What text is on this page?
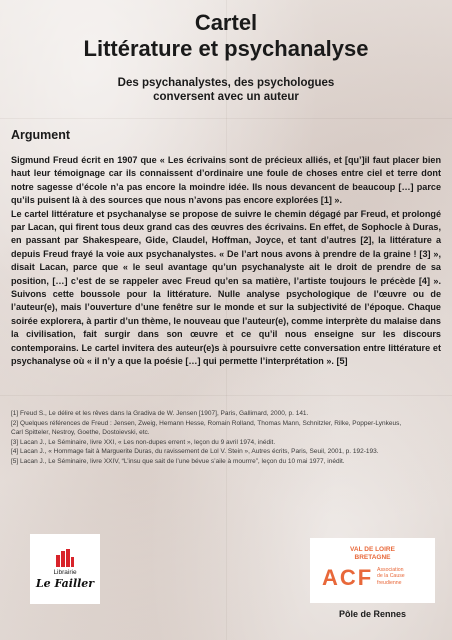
Cartel
Littérature et psychanalyse
Des psychanalystes, des psychologues
conversent avec un auteur
Argument

Sigmund Freud écrit en 1907 que « Les écrivains sont de précieux alliés, et [qu’]il faut placer bien haut leur témoignage car ils connaissent d’ordinaire une foule de choses entre ciel et terre dont notre sagesse d’école n’a pas encore la moindre idée. Ils nous devancent de beaucoup […] parce qu’ils puisent là à des sources que nous n’avons pas encore explorées [1] ».

Le cartel littérature et psychanalyse se propose de suivre le chemin dégagé par Freud, et prolongé par Lacan, qui firent tous deux grand cas des œuvres des écrivains. En effet, de Sophocle à Duras, en passant par Shakespeare, Gide, Claudel, Hoffman, Joyce, et tant d’autres [2], la littérature a depuis Freud frayé la voie aux psychanalystes. « De l’art nous avons à prendre de la graine ! [3] », disait Lacan, parce que « le seul avantage qu’un psychanalyste ait le droit de prendre de sa position, […] c’est de se rappeler avec Freud qu’en sa matière, l’artiste toujours le précède [4] ». Suivons cette boussole pour la littérature. Nulle analyse psychologique de l’œuvre ou de l’auteur(e), mais l’ouverture d’une fenêtre sur le monde et sur la subjectivité de l’époque. Chaque soirée explorera, à partir d’un thème, le nouveau que l’auteur(e), comme interprète du malaise dans la civilisation, fait surgir dans son œuvre et ce qu’il nous enseigne sur les discours contemporains. Le cartel invitera des auteur(e)s à poursuivre cette conversation entre littérature et psychanalyse où « il n’y a que la poésie […] qui permette l’interprétation ». [5]

[1] Freud S., Le délire et les rêves dans la Gradiva de W. Jensen [1907], Paris, Gallimard, 2000, p. 141.
[2] Quelques références de Freud : Jensen, Zweig, Hemann Hesse, Romain Rolland, Thomas Mann, Schnitzler, Rilke, Popper-Lynkeus,
Carl Spitteler, Nestroy, Goethe, Dostoievski, etc.
[3] Lacan J., Le Séminaire, livre XXI, « Les non-dupes errent », leçon du 9 avril 1974, inédit.
[4] Lacan J., « Hommage fait à Marguerite Duras, du ravissement de Lol V. Stein », Autres écrits, Paris, Seuil, 2001, p. 192-193.
[5] Lacan J., Le Séminaire, livre XXIV, “L’insu que sait de l’une bévue s’aile à mourrre”, leçon du 10 mai 1977, inédit.
Librairie
Le Failler
VAL DE LOIRE
BRETAGNE
ACF Association
de la Cause
freudienne
Pôle de Rennes
